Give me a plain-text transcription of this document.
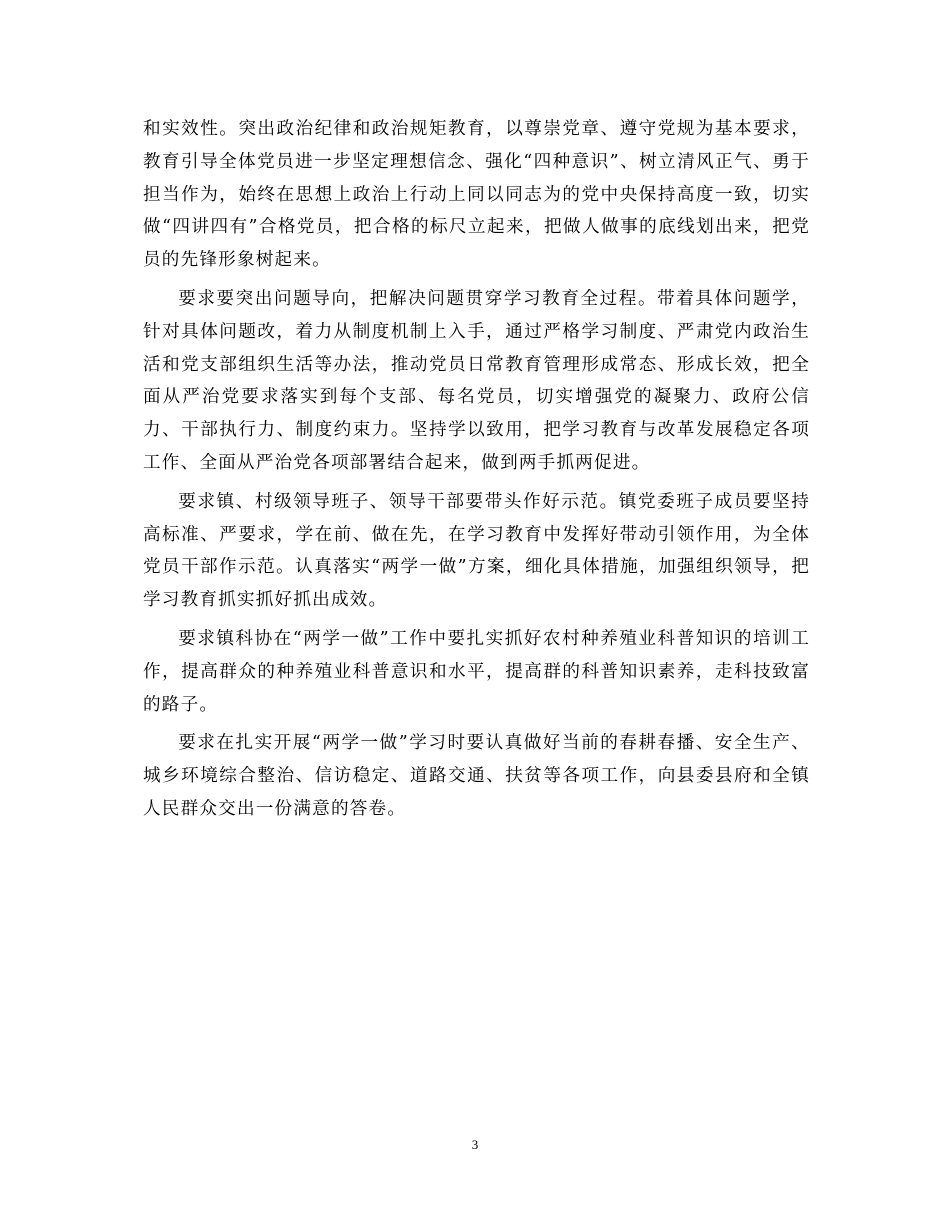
和实效性。突出政治纪律和政治规矩教育，以尊崇党章、遵守党规为基本要求，教育引导全体党员进一步坚定理想信念、强化“四种意识”、树立清风正气、勇于担当作为，始终在思想上政治上行动上同以同志为的党中央保持高度一致，切实做“四讲四有”合格党员，把合格的标尺立起来，把做人做事的底线划出来，把党员的先锋形象树起来。

要求要突出问题导向，把解决问题贯穿学习教育全过程。带着具体问题学，针对具体问题改，着力从制度机制上入手，通过严格学习制度、严肃党内政治生活和党支部组织生活等办法，推动党员日常教育管理形成常态、形成长效，把全面从严治党要求落实到每个支部、每名党员，切实增强党的凝聚力、政府公信力、干部执行力、制度约束力。坚持学以致用，把学习教育与改革发展稳定各项工作、全面从严治党各项部署结合起来，做到两手抓两促进。

要求镇、村级领导班子、领导干部要带头作好示范。镇党委班子成员要坚持高标准、严要求，学在前、做在先，在学习教育中发挥好带动引领作用，为全体党员干部作示范。认真落实“两学一做”方案，细化具体措施，加强组织领导，把学习教育抓实抓好抓出成效。

要求镇科协在“两学一做”工作中要扎实抓好农村种养殖业科普知识的培训工作，提高群众的种养殖业科普意识和水平，提高群的科普知识素养，走科技致富的路子。

要求在扎实开展“两学一做”学习时要认真做好当前的春耕春播、安全生产、城乡环境综合整治、信访稳定、道路交通、扶贫等各项工作，向县委县府和全镇人民群众交出一份满意的答卷。

3
